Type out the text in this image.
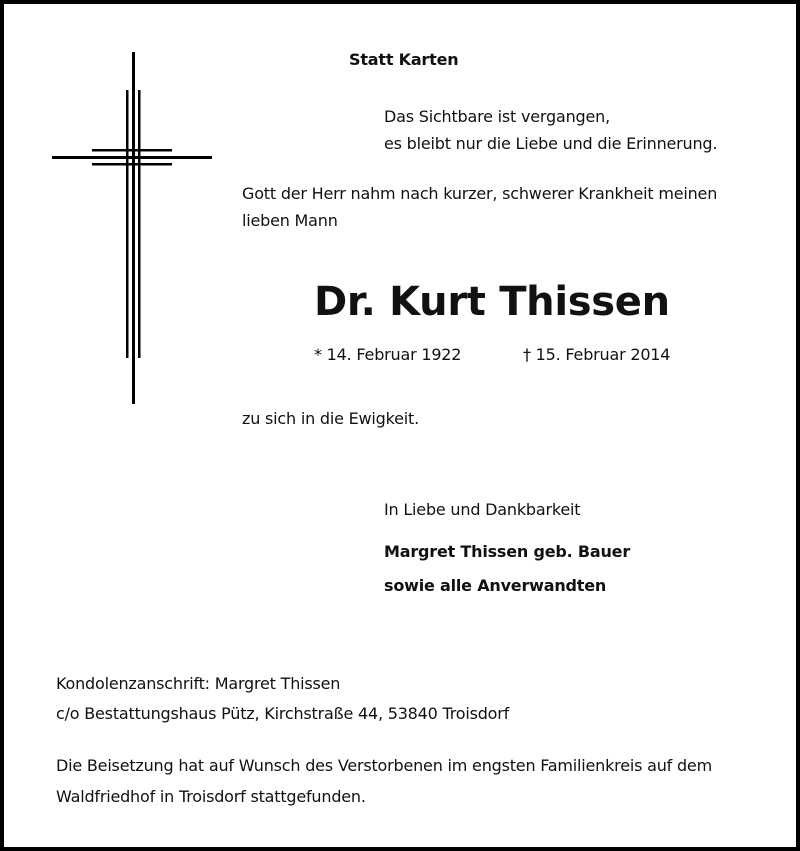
Statt Karten
Das Sichtbare ist vergangen,
es bleibt nur die Liebe und die Erinnerung.
Gott der Herr nahm nach kurzer, schwerer Krankheit meinen
lieben Mann
Dr. Kurt Thissen
* 14. Februar 1922	† 15. Februar 2014
zu sich in die Ewigkeit.
In Liebe und Dankbarkeit
Margret Thissen geb. Bauer
sowie alle Anverwandten
Kondolenzanschrift: Margret Thissen
c/o Bestattungshaus Pütz, Kirchstraße 44, 53840 Troisdorf
Die Beisetzung hat auf Wunsch des Verstorbenen im engsten Familienkreis auf dem
Waldfriedhof in Troisdorf stattgefunden.
